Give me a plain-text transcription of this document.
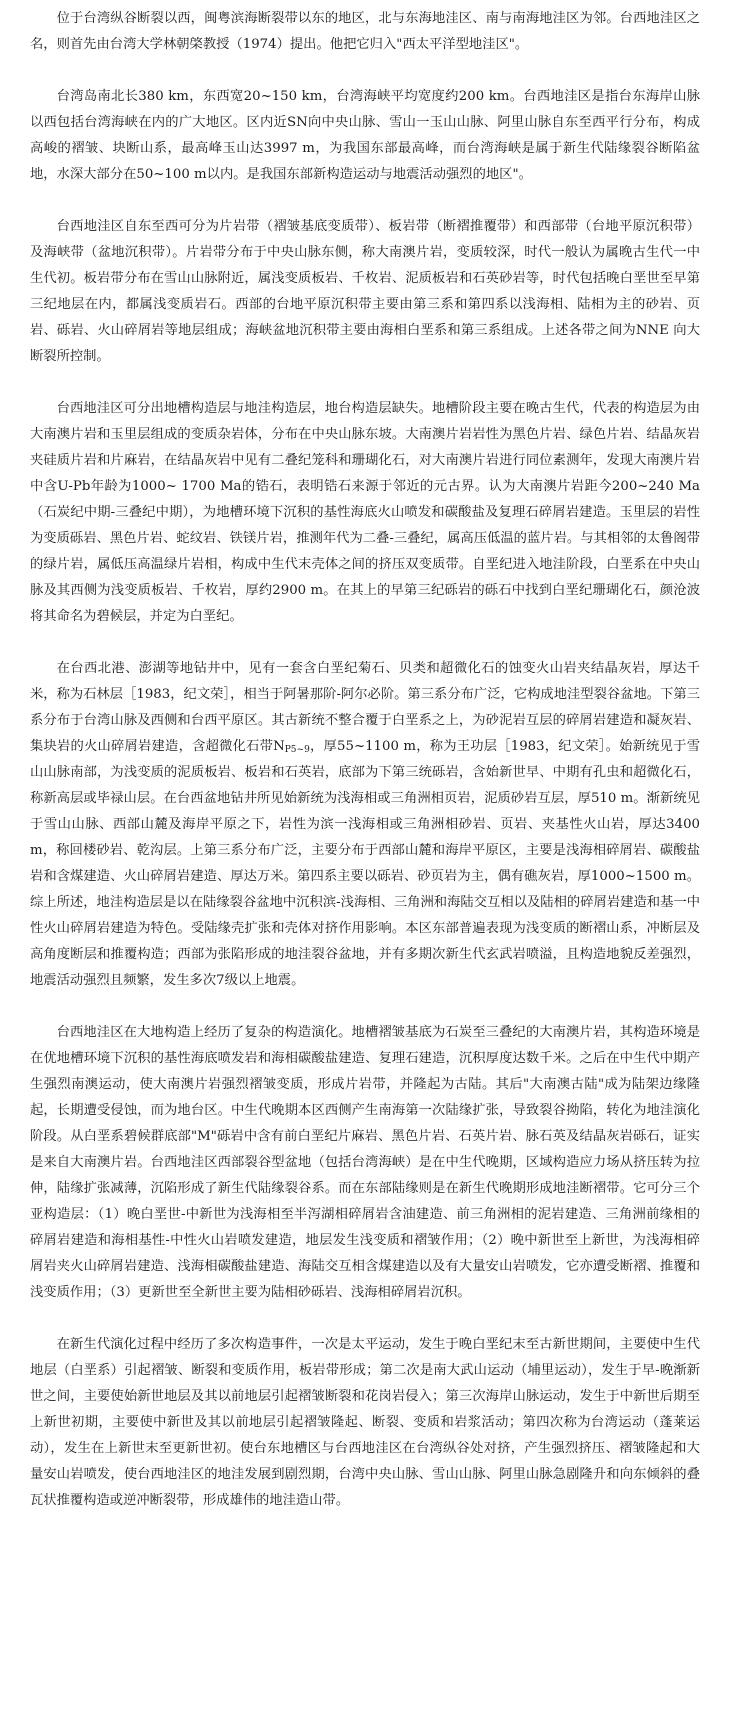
位于台湾纵谷断裂以西，闽粤滨海断裂带以东的地区，北与东海地洼区、南与南海地洼区为邻。台西地洼区之名，则首先由台湾大学林朝棨教授（1974）提出。他把它归入"西太平洋型地洼区"。

台湾岛南北长380 km，东西宽20~150 km，台湾海峡平均宽度约200 km。台西地洼区是指台东海岸山脉以西包括台湾海峡在内的广大地区。区内近SN向中央山脉、雪山一玉山山脉、阿里山脉自东至西平行分布，构成高峻的褶皱、块断山系，最高峰玉山达3997 m，为我国东部最高峰，而台湾海峡是属于新生代陆缘裂谷断陷盆地，水深大部分在50~100 m以内。是我国东部新构造运动与地震活动强烈的地区"。

台西地洼区自东至西可分为片岩带（褶皱基底变质带）、板岩带（断褶推覆带）和西部带（台地平原沉积带）及海峡带（盆地沉积带）。片岩带分布于中央山脉东侧，称大南澳片岩，变质较深，时代一般认为属晚古生代一中生代初。板岩带分布在雪山山脉附近，属浅变质板岩、千枚岩、泥质板岩和石英砂岩等，时代包括晚白垩世至早第三纪地层在内，都属浅变质岩石。西部的台地平原沉积带主要由第三系和第四系以浅海相、陆相为主的砂岩、页岩、砾岩、火山碎屑岩等地层组成；海峡盆地沉积带主要由海相白垩系和第三系组成。上述各带之间为NNE 向大断裂所控制。

台西地洼区可分出地槽构造层与地洼构造层，地台构造层缺失。地槽阶段主要在晚古生代，代表的构造层为由大南澳片岩和玉里层组成的变质杂岩体，分布在中央山脉东坡。大南澳片岩岩性为黑色片岩、绿色片岩、结晶灰岩夹硅质片岩和片麻岩，在结晶灰岩中见有二叠纪笼科和珊瑚化石，对大南澳片岩进行同位素测年，发现大南澳片岩中含U-Pb年龄为1000~ 1700 Ma的锆石，表明锆石来源于邻近的元古界。认为大南澳片岩距今200~240 Ma（石炭纪中期-三叠纪中期），为地槽环境下沉积的基性海底火山喷发和碳酸盐及复理石碎屑岩建造。玉里层的岩性为变质砾岩、黑色片岩、蛇纹岩、铁镁片岩，推测年代为二叠-三叠纪，属高压低温的蓝片岩。与其相邻的太鲁阁带的绿片岩，属低压高温绿片岩相，构成中生代末壳体之间的挤压双变质带。自垩纪进入地洼阶段，白垩系在中央山脉及其西侧为浅变质板岩、千枚岩，厚约2900 m。在其上的早第三纪砾岩的砾石中找到白垩纪珊瑚化石，颜沧波将其命名为碧候层，并定为白垩纪。

在台西北港、澎湖等地钻井中，见有一套含白垩纪菊石、贝类和超微化石的蚀变火山岩夹结晶灰岩，厚达千米，称为石林层［1983，纪文荣］，相当于阿暑那阶-阿尔必阶。第三系分布广泛，它构成地洼型裂谷盆地。下第三系分布于台湾山脉及西侧和台西平原区。其古新统不整合覆于白垩系之上，为砂泥岩互层的碎屑岩建造和凝灰岩、集块岩的火山碎屑岩建造，含超微化石带$N_{P5\sim 9}$，厚55~1100 m，称为王功层［1983，纪文荣］。始新统见于雪山山脉南部，为浅变质的泥质板岩、板岩和石英岩，底部为下第三统砾岩，含始新世早、中期有孔虫和超微化石，称新高层或毕禄山层。在台西盆地钻井所见始新统为浅海相或三角洲相页岩，泥质砂岩互层，厚510 m。渐新统见于雪山山脉、西部山麓及海岸平原之下，岩性为滨一浅海相或三角洲相砂岩、页岩、夹基性火山岩，厚达3400 m，称回楼砂岩、乾沟层。上第三系分布广泛，主要分布于西部山麓和海岸平原区，主要是浅海相碎屑岩、碳酸盐岩和含煤建造、火山碎屑岩建造、厚达万米。第四系主要以砾岩、砂页岩为主，偶有礁灰岩，厚1000~1500 m。综上所述，地洼构造层是以在陆缘裂谷盆地中沉积滨-浅海相、三角洲和海陆交互相以及陆相的碎屑岩建造和基一中性火山碎屑岩建造为特色。受陆缘壳扩张和壳体对挤作用影响。本区东部普遍表现为浅变质的断褶山系，冲断层及高角度断层和推覆构造；西部为张陷形成的地洼裂谷盆地，并有多期次新生代玄武岩喷溢，且构造地貌反差强烈，地震活动强烈且频繁，发生多次7级以上地震。

台西地洼区在大地构造上经历了复杂的构造演化。地槽褶皱基底为石炭至三叠纪的大南澳片岩，其构造环境是在优地槽环境下沉积的基性海底喷发岩和海相碳酸盐建造、复理石建造，沉积厚度达数千米。之后在中生代中期产生强烈南澳运动，使大南澳片岩强烈褶皱变质，形成片岩带，并隆起为古陆。其后"大南澳古陆"成为陆架边缘隆起，长期遭受侵蚀，而为地台区。中生代晚期本区西侧产生南海第一次陆缘扩张，导致裂谷拗陷，转化为地洼演化阶段。从白垩系碧候群底部"M"砾岩中含有前白垩纪片麻岩、黑色片岩、石英片岩、脉石英及结晶灰岩砾石，证实是来自大南澳片岩。台西地洼区西部裂谷型盆地（包括台湾海峡）是在中生代晚期，区域构造应力场从挤压转为拉伸，陆缘扩张减薄，沉陷形成了新生代陆缘裂谷系。而在东部陆缘则是在新生代晚期形成地洼断褶带。它可分三个亚构造层：（1）晚白垩世-中新世为浅海相至半泻湖相碎屑岩含油建造、前三角洲相的泥岩建造、三角洲前缘相的碎屑岩建造和海相基性-中性火山岩喷发建造，地层发生浅变质和褶皱作用；（2）晚中新世至上新世，为浅海相碎屑岩夹火山碎屑岩建造、浅海相碳酸盐建造、海陆交互相含煤建造以及有大量安山岩喷发，它亦遭受断褶、推覆和浅变质作用；（3）更新世至全新世主要为陆相砂砾岩、浅海相碎屑岩沉积。

在新生代演化过程中经历了多次构造事件，一次是太平运动，发生于晚白垩纪末至古新世期间，主要使中生代地层（白垩系）引起褶皱、断裂和变质作用，板岩带形成；第二次是南大武山运动（埔里运动），发生于早-晚渐新世之间，主要使始新世地层及其以前地层引起褶皱断裂和花岗岩侵入；第三次海岸山脉运动，发生于中新世后期至上新世初期，主要使中新世及其以前地层引起褶皱隆起、断裂、变质和岩浆活动；第四次称为台湾运动（蓬莱运动），发生在上新世末至更新世初。使台东地槽区与台西地洼区在台湾纵谷处对挤，产生强烈挤压、褶皱隆起和大量安山岩喷发，使台西地洼区的地洼发展到剧烈期，台湾中央山脉、雪山山脉、阿里山脉急剧隆升和向东倾斜的叠瓦状推覆构造或逆冲断裂带，形成雄伟的地洼造山带。
